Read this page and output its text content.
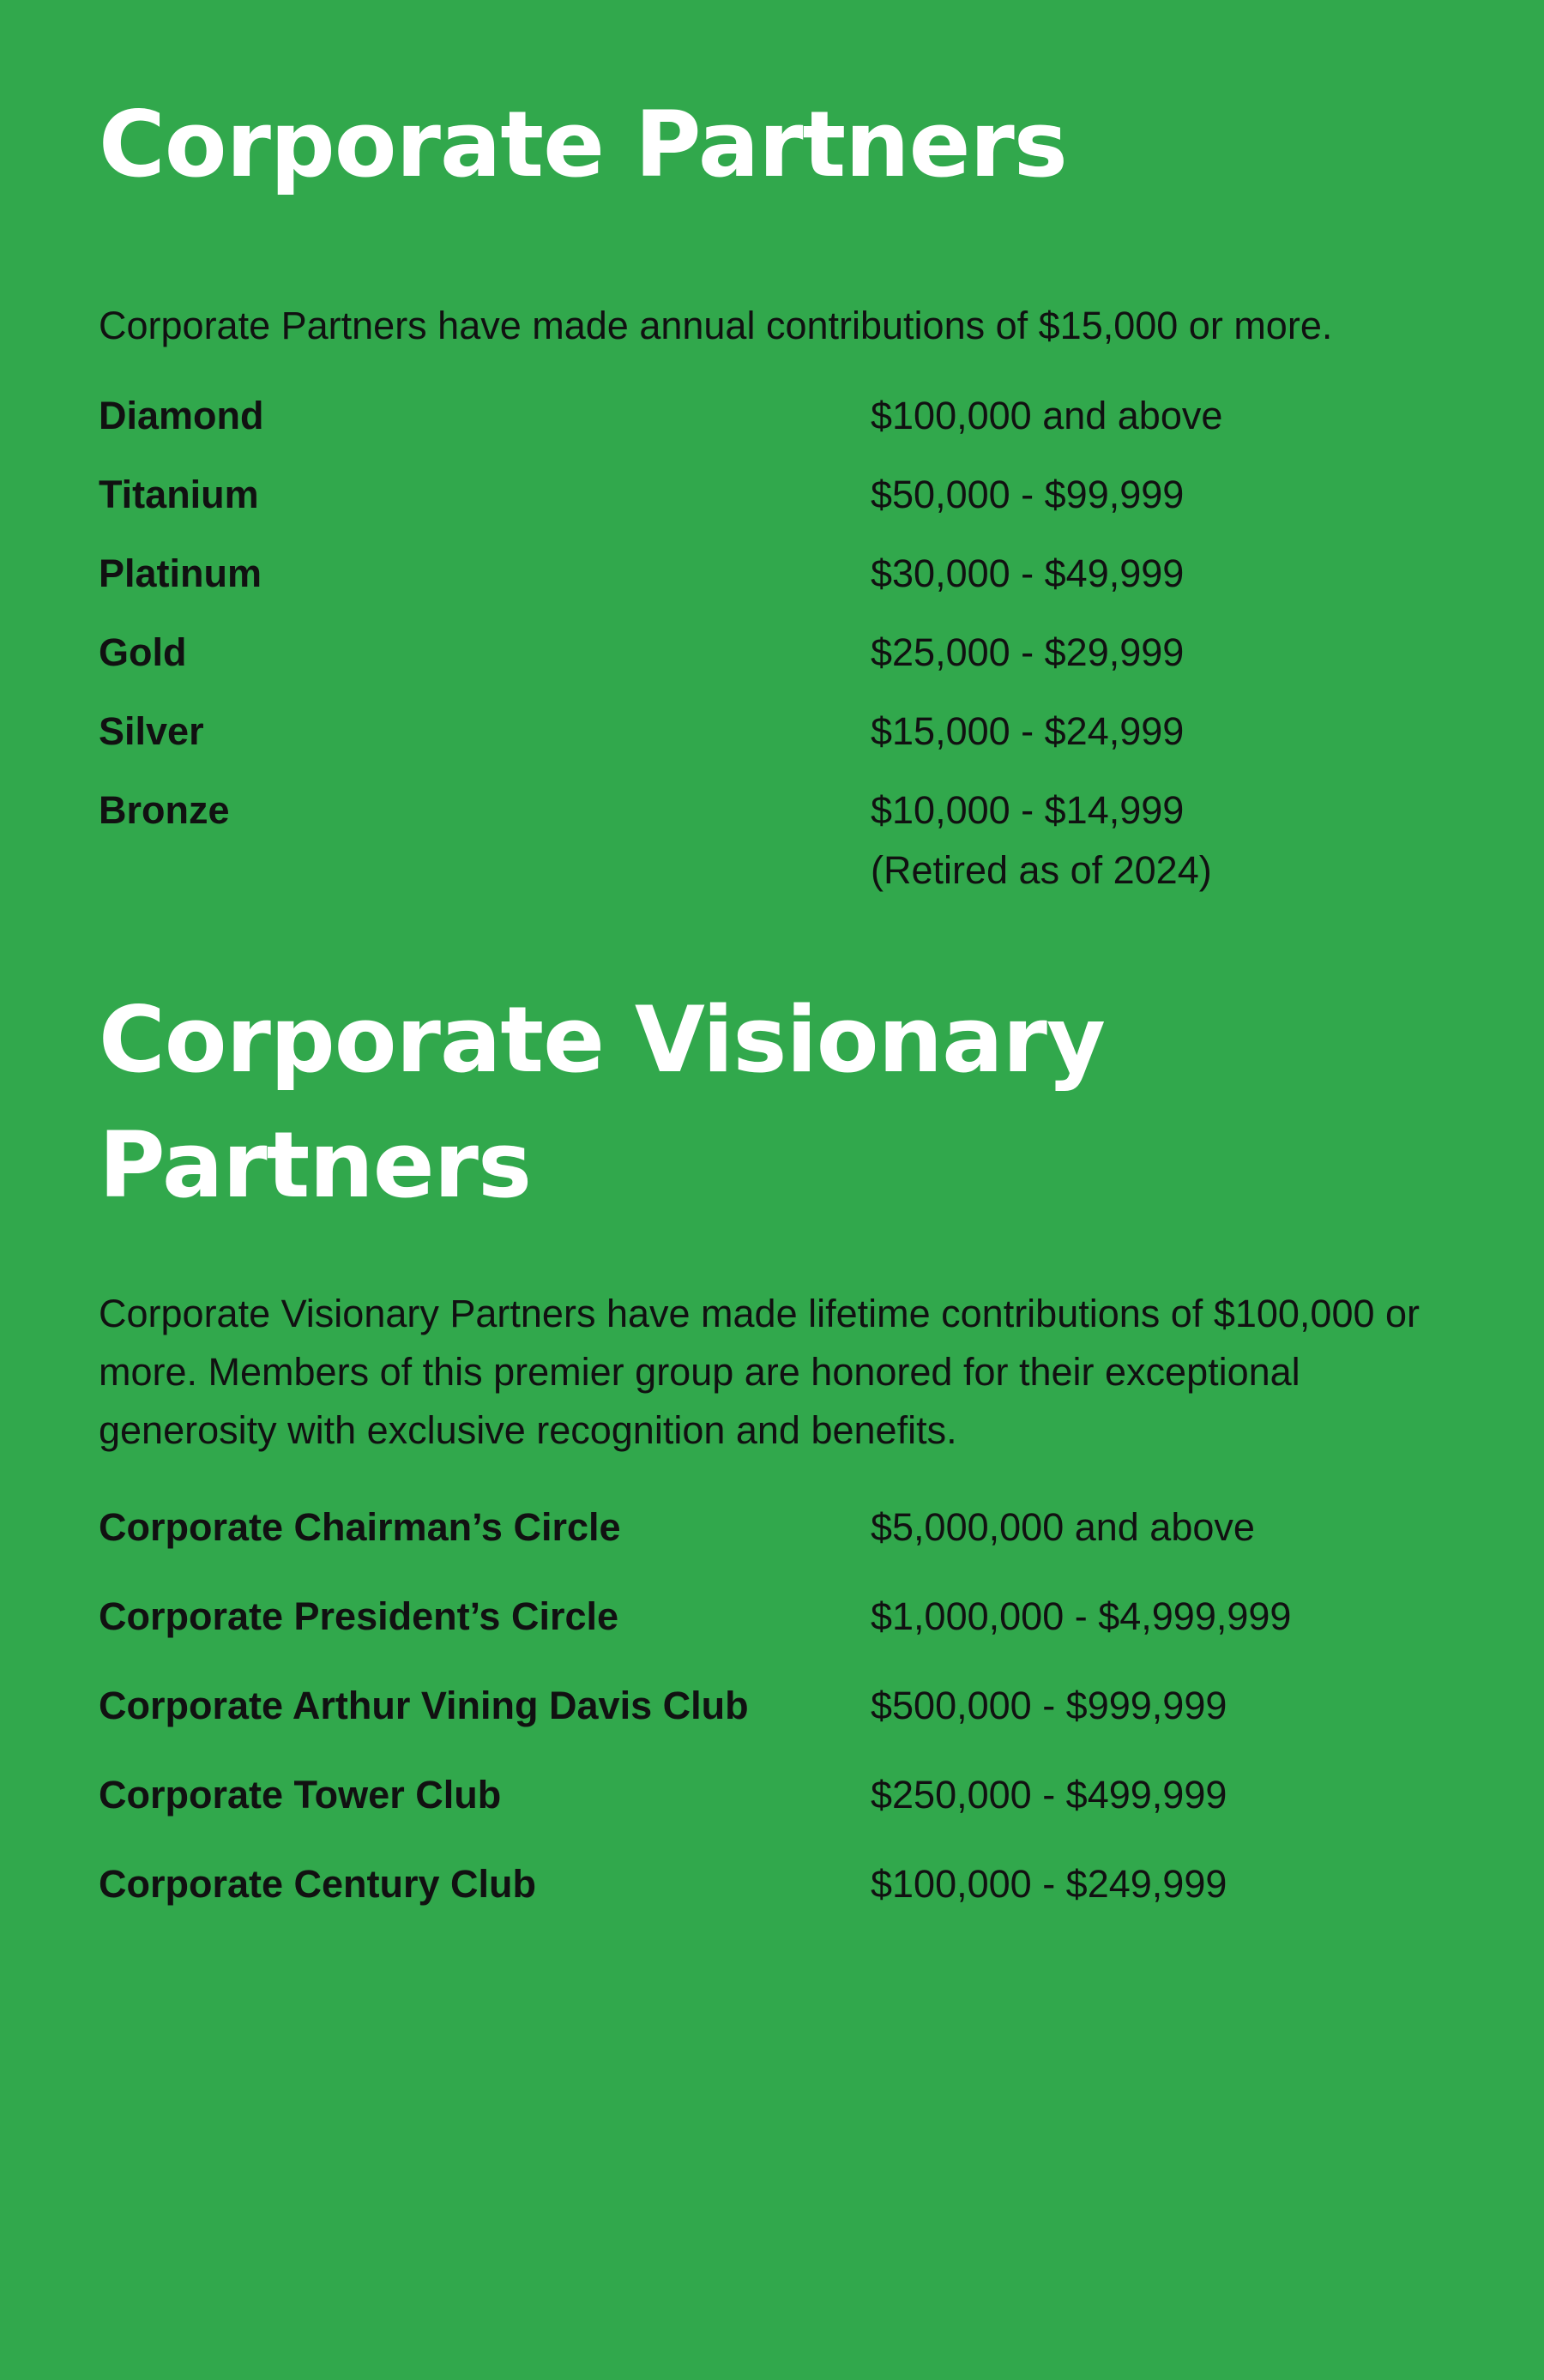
Corporate Partners

Corporate Partners have made annual contributions of $15,000 or more.

Diamond	$100,000 and above
Titanium	$50,000 - $99,999
Platinum	$30,000 - $49,999
Gold	$25,000 - $29,999
Silver	$15,000 - $24,999
Bronze	$10,000 - $14,999
(Retired as of 2024)
Corporate Visionary Partners

Corporate Visionary Partners have made lifetime contributions of $100,000 or more. Members of this premier group are honored for their exceptional generosity with exclusive recognition and benefits.

Corporate Chairman’s Circle	$5,000,000 and above
Corporate President’s Circle	$1,000,000 - $4,999,999
Corporate Arthur Vining Davis Club	$500,000 - $999,999
Corporate Tower Club	$250,000 - $499,999
Corporate Century Club	$100,000 - $249,999
